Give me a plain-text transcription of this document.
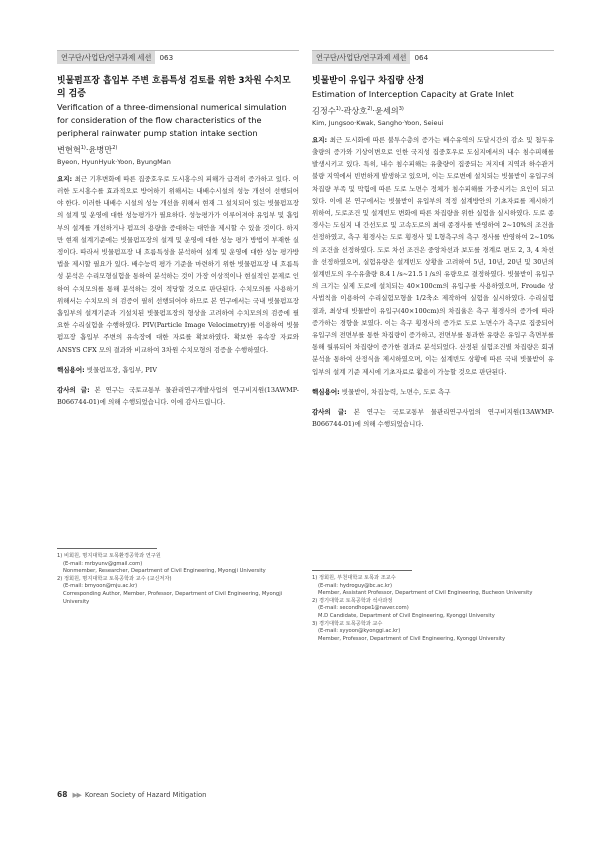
연구단/사업단/연구과제 세션	063
빗물펌프장 흡입부 주변 흐름특성 검토를 위한 3차원 수치모의 검증
Verification of a three-dimensional numerical simulation for consideration of the flow characteristics of the peripheral rainwater pump station intake section
변현혁$^{1)}$·윤병만$^{2)}$
Byeon, HyunHyuk·Yoon, ByungMan
요지: 최근 기후변화에 따른 집중호우로 도시홍수의 피해가 급격히 증가하고 있다. 이러한 도시홍수를 효과적으로 방어하기 위해서는 내배수시설의 성능 개선이 선행되어야 한다. 이러한 내배수 시설의 성능 개선을 위해서 현재 그 설치되어 있는 빗물펌프장의 설계 및 운영에 대한 성능평가가 필요하다. 성능평가가 이루어져야 유입부 및 흡입부의 설계를 개선하거나 펌프의 용량을 증대하는 대안을 제시할 수 있을 것이다. 하지만 현재 설계기준에는 빗물펌프장의 설계 및 운영에 대한 성능 평가 방법이 부재한 실정이다. 따라서 빗물펌프장 내 흐름특성을 분석하여 설계 및 운영에 대한 성능 평가방법을 제시할 필요가 있다. 배수능력 평가 기준을 마련하기 위한 빗물펌프장 내 흐름특성 분석은 수리모형실험을 통하여 분석하는 것이 가장 이상적이나 현실적인 문제로 인하여 수치모의를 통해 분석하는 것이 적당할 것으로 판단된다. 수치모의를 사용하기 위해서는 수치모의 의 검증이 필히 선행되어야 하므로 본 연구에서는 국내 빗물펌프장 흡입부의 설계기준과 기설치된 빗물펌프장의 형상을 고려하여 수치모의의 검증에 필요한 수리실험을 수행하였다. PIV(Particle Image Velocimetry)를 이용하여 빗물펌프장 흡입부 주변의 유속장에 대한 자료를 확보하였다. 확보한 유속장 자료와 ANSYS CFX 모의 결과와 비교하여 3차원 수치모형의 검증을 수행하였다.
핵심용어: 빗물펌프장, 흡입부, PIV
감사의 글: 본 연구는 국토교통부 물관리연구개발사업의 연구비지원(13AWMP-B066744-01)에 의해 수행되었습니다. 이에 감사드립니다.
1) 비회원, 명지대학교 토목환경공학과 연구원
(E-mail: mrbyunv@gmail.com)
Nonmember, Researcher, Department of Civil Engineering, Myongji University
2) 정회원, 명지대학교 토목공학과 교수 (교신저자)
(E-mail: bmyoon@mju.ac.kr)
Corresponding Author, Member, Professor, Department of Civil Engineering, Myongji University
연구단/사업단/연구과제 세션	064
빗물받이 유입구 차집량 산정
Estimation of Interception Capacity at Grate Inlet
김정수$^{1)}$·곽상호$^{2)}$·윤세의$^{3)}$
Kim, Jungsoo·Kwak, Sangho·Yoon, Seieui
요지: 최근 도시화에 따른 불투수층의 증가는 배수유역의 도달시간의 감소 및 첨두유출량의 증가와 기상이변으로 인한 국지성 집중호우로 도심지에서의 내수 침수피해를 발생시키고 있다. 특히, 내수 침수피해는 유출량이 집중되는 저지대 지역과 하수관거불량 지역에서 빈번하게 발생하고 있으며, 이는 도로변에 설치되는 빗물받이 유입구의 차집량 부족 및 막힘에 따른 도로 노면수 정체가 침수피해를 가중시키는 요인이 되고 있다. 이에 본 연구에서는 빗물받이 유입부의 적정 설계방안의 기초자료를 제시하기 위하여, 도로조건 및 설계빈도 변화에 따른 차집량을 위한 실험을 실시하였다. 도로 종경사는 도심지 내 간선도로 및 고속도로의 최대 종경사를 반영하여 2~10%의 조건을 선정하였고, 측구 횡경사는 도로 횡경사 및 L형측구의 측구 경사를 반영하여 2~10%의 조건을 선정하였다. 도로 차선 조건은 중앙차선과 보도를 경계로 편도 2, 3, 4 차선을 선정하였으며, 실험유량은 설계빈도 상황을 고려하여 5년, 10년, 20년 및 30년의 설계빈도의 우수유출량 8.4 l /s~21.5 l /s의 유량으로 결정하였다. 빗물받이 유입구의 크기는 실제 도로에 설치되는 40×100cm의 유입구를 사용하였으며, Froude 상사법칙을 이용하여 수리실험모형을 1/2축소 제작하여 실험을 실시하였다. 수리실험 결과, 최상대 빗물받이 유입구(40×100cm)의 차집율은 측구 횡경사의 증가에 따라 증가하는 경향을 보였다. 이는 측구 횡경사의 증가로 도로 노면수가 측구로 집중되어 유입구의 전면부를 통한 차집량이 증가하고, 전면부를 통과한 유량은 유입구 측면부를 통해 월류되어 차집량이 증가한 결과로 분석되었다. 산정된 실험조건별 차집량은 회귀분석을 통하여 산정식을 제시하였으며, 이는 설계빈도 상황에 따른 국내 빗물받이 유입부의 설계 기준 제시에 기초자료로 활용이 가능할 것으로 판단된다.
핵심용어: 빗물받이, 차집능력, 노면수, 도로 측구
감사의 글: 본 연구는 국토교통부 물관리연구사업의 연구비지원(13AWMP-B066744-01)에 의해 수행되었습니다.
1) 정회원, 부천대학교 토목과 조교수
(E-mail: hydroguy@bc.ac.kr)
Member, Assistant Professor, Department of Civil Engineering, Bucheon University
2) 경기대학교 토목공학과 석사과정
(E-mail: secondhope1@naver.com)
M.D Candidate, Department of Civil Engineering, Kyonggi University
3) 경기대학교 토목공학과 교수
(E-mail: syyoon@kyonggi.ac.kr)
Member, Professor, Department of Civil Engineering, Kyonggi University
68 ▶▶ Korean Society of Hazard Mitigation
